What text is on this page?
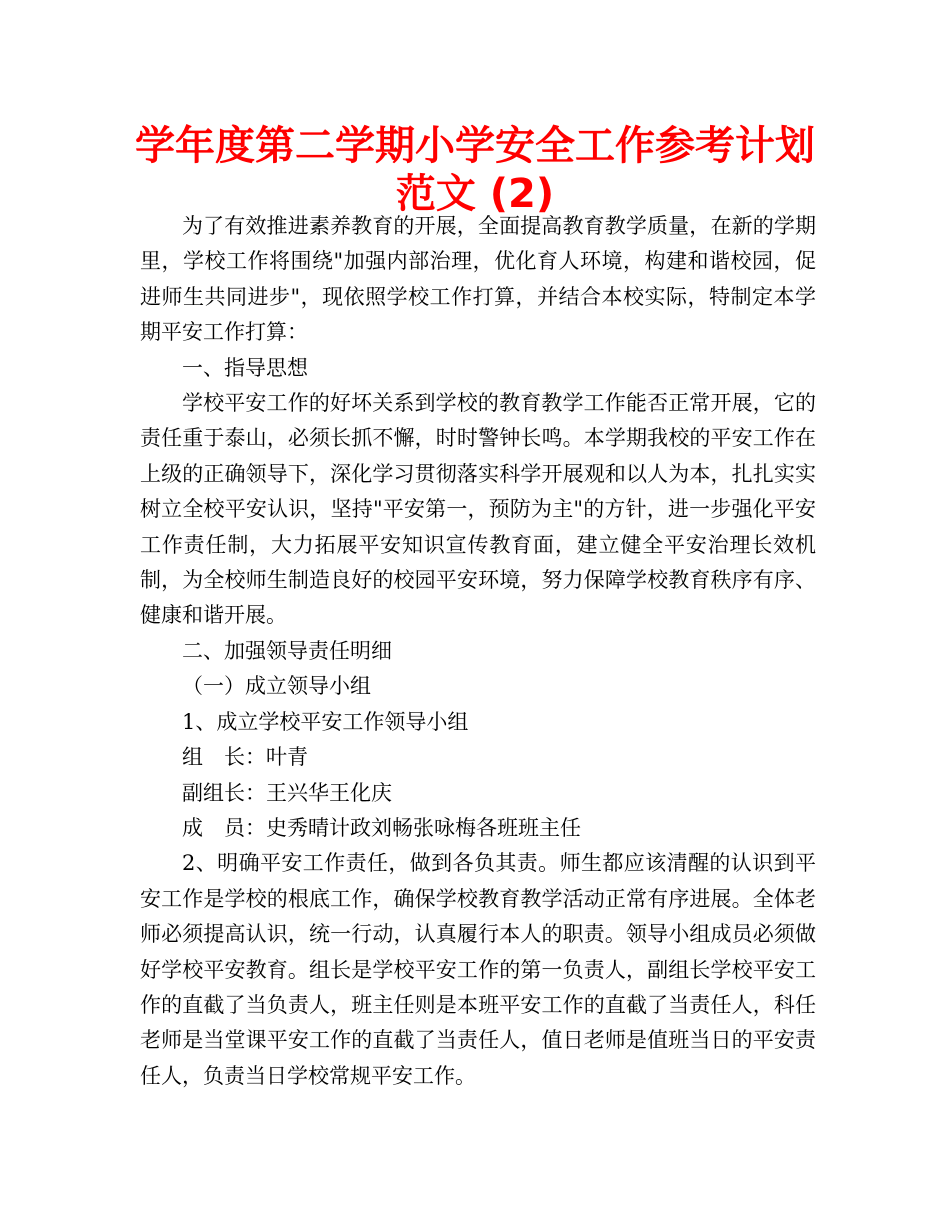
学年度第二学期小学安全工作参考计划范文 (2)

为了有效推进素养教育的开展，全面提高教育教学质量，在新的学期里，学校工作将围绕"加强内部治理，优化育人环境，构建和谐校园，促进师生共同进步"，现依照学校工作打算，并结合本校实际，特制定本学期平安工作打算：

一、指导思想

学校平安工作的好坏关系到学校的教育教学工作能否正常开展，它的责任重于泰山，必须长抓不懈，时时警钟长鸣。本学期我校的平安工作在上级的正确领导下，深化学习贯彻落实科学开展观和以人为本，扎扎实实树立全校平安认识，坚持"平安第一，预防为主"的方针，进一步强化平安工作责任制，大力拓展平安知识宣传教育面，建立健全平安治理长效机制，为全校师生制造良好的校园平安环境，努力保障学校教育秩序有序、健康和谐开展。

二、加强领导责任明细

（一）成立领导小组

1、成立学校平安工作领导小组

组　长：叶青

副组长：王兴华王化庆

成　员：史秀晴计政刘畅张咏梅各班班主任

2、明确平安工作责任，做到各负其责。师生都应该清醒的认识到平安工作是学校的根底工作，确保学校教育教学活动正常有序进展。全体老师必须提高认识，统一行动，认真履行本人的职责。领导小组成员必须做好学校平安教育。组长是学校平安工作的第一负责人，副组长学校平安工作的直截了当负责人，班主任则是本班平安工作的直截了当责任人，科任老师是当堂课平安工作的直截了当责任人，值日老师是值班当日的平安责任人，负责当日学校常规平安工作。
